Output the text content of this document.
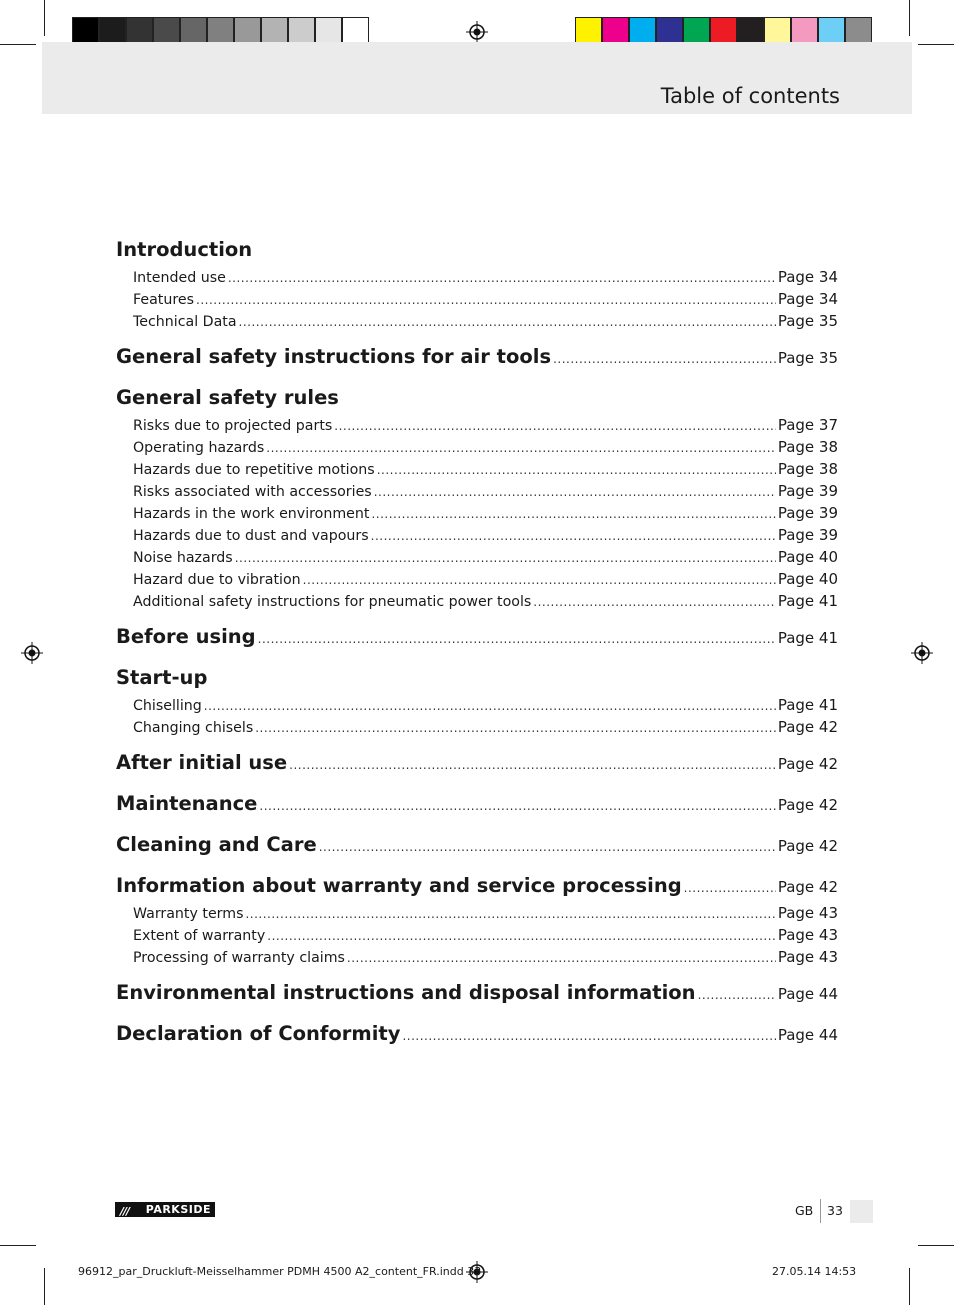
Table of contents
Introduction
Intended use .....	Page 34
Features .....	Page 34
Technical Data .....	Page 35
General safety instructions for air tools .....	Page 35
General safety rules
Risks due to projected parts .....	Page 37
Operating hazards .....	Page 38
Hazards due to repetitive motions .....	Page 38
Risks associated with accessories .....	Page 39
Hazards in the work environment .....	Page 39
Hazards due to dust and vapours .....	Page 39
Noise hazards .....	Page 40
Hazard due to vibration .....	Page 40
Additional safety instructions for pneumatic power tools .....	Page 41
Before using .....	Page 41
Start-up
Chiselling .....	Page 41
Changing chisels .....	Page 42
After initial use .....	Page 42
Maintenance .....	Page 42
Cleaning and Care .....	Page 42
Information about warranty and service processing .....	Page 42
Warranty terms .....	Page 43
Extent of warranty .....	Page 43
Processing of warranty claims .....	Page 43
Environmental instructions and disposal information .....	Page 44
Declaration of Conformity .....	Page 44
/// PARKSIDE	GB 33
96912_par_Druckluft-Meisselhammer PDMH 4500 A2_content_FR.indd 33	27.05.14 14:53
